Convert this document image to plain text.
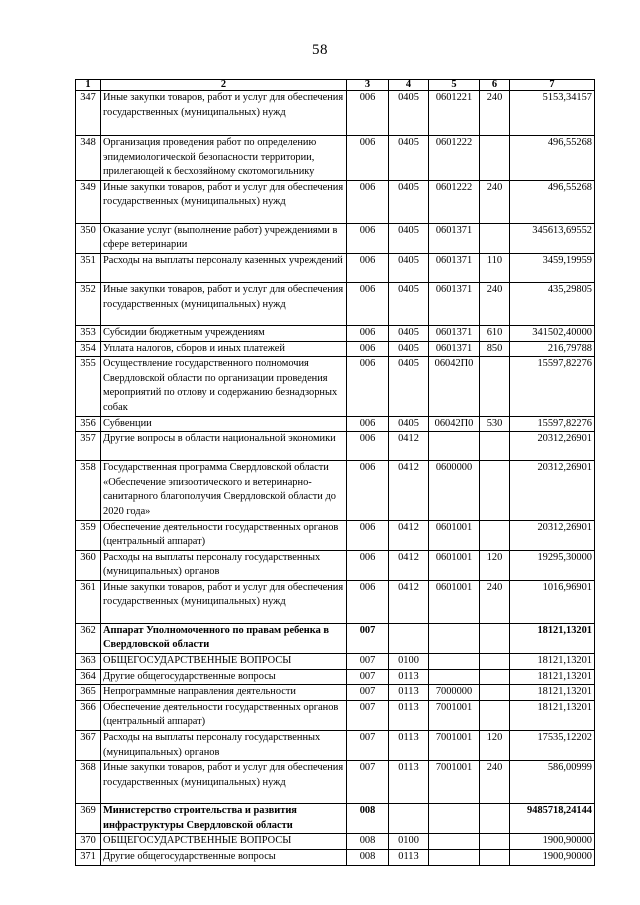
58
1	2	3	4	5	6	7
347	Иные закупки товаров, работ и услуг для обеспечения государственных (муниципальных) нужд	006	0405	0601221	240	5153,34157
348	Организация проведения работ по определению эпидемиологической безопасности территории, прилегающей к бесхозяйному скотомогильнику	006	0405	0601222		496,55268
349	Иные закупки товаров, работ и услуг для обеспечения государственных (муниципальных) нужд	006	0405	0601222	240	496,55268
350	Оказание услуг (выполнение работ) учреждениями в сфере ветеринарии	006	0405	0601371		345613,69552
351	Расходы на выплаты персоналу казенных учреждений	006	0405	0601371	110	3459,19959
352	Иные закупки товаров, работ и услуг для обеспечения государственных (муниципальных) нужд	006	0405	0601371	240	435,29805
353	Субсидии бюджетным учреждениям	006	0405	0601371	610	341502,40000
354	Уплата налогов, сборов и иных платежей	006	0405	0601371	850	216,79788
355	Осуществление государственного полномочия Свердловской области по организации проведения мероприятий по отлову и содержанию безнадзорных собак	006	0405	06042П0		15597,82276
356	Субвенции	006	0405	06042П0	530	15597,82276
357	Другие вопросы в области национальной экономики	006	0412			20312,26901
358	Государственная программа Свердловской области «Обеспечение эпизоотического и ветеринарно-санитарного благополучия Свердловской области до 2020 года»	006	0412	0600000		20312,26901
359	Обеспечение деятельности государственных органов (центральный аппарат)	006	0412	0601001		20312,26901
360	Расходы на выплаты персоналу государственных (муниципальных) органов	006	0412	0601001	120	19295,30000
361	Иные закупки товаров, работ и услуг для обеспечения государственных (муниципальных) нужд	006	0412	0601001	240	1016,96901
362	Аппарат Уполномоченного по правам ребенка в Свердловской области	007				18121,13201
363	ОБЩЕГОСУДАРСТВЕННЫЕ ВОПРОСЫ	007	0100			18121,13201
364	Другие общегосударственные вопросы	007	0113			18121,13201
365	Непрограммные направления деятельности	007	0113	7000000		18121,13201
366	Обеспечение деятельности государственных органов (центральный аппарат)	007	0113	7001001		18121,13201
367	Расходы на выплаты персоналу государственных (муниципальных) органов	007	0113	7001001	120	17535,12202
368	Иные закупки товаров, работ и услуг для обеспечения государственных (муниципальных) нужд	007	0113	7001001	240	586,00999
369	Министерство строительства и развития инфраструктуры Свердловской области	008				9485718,24144
370	ОБЩЕГОСУДАРСТВЕННЫЕ ВОПРОСЫ	008	0100			1900,90000
371	Другие общегосударственные вопросы	008	0113			1900,90000
